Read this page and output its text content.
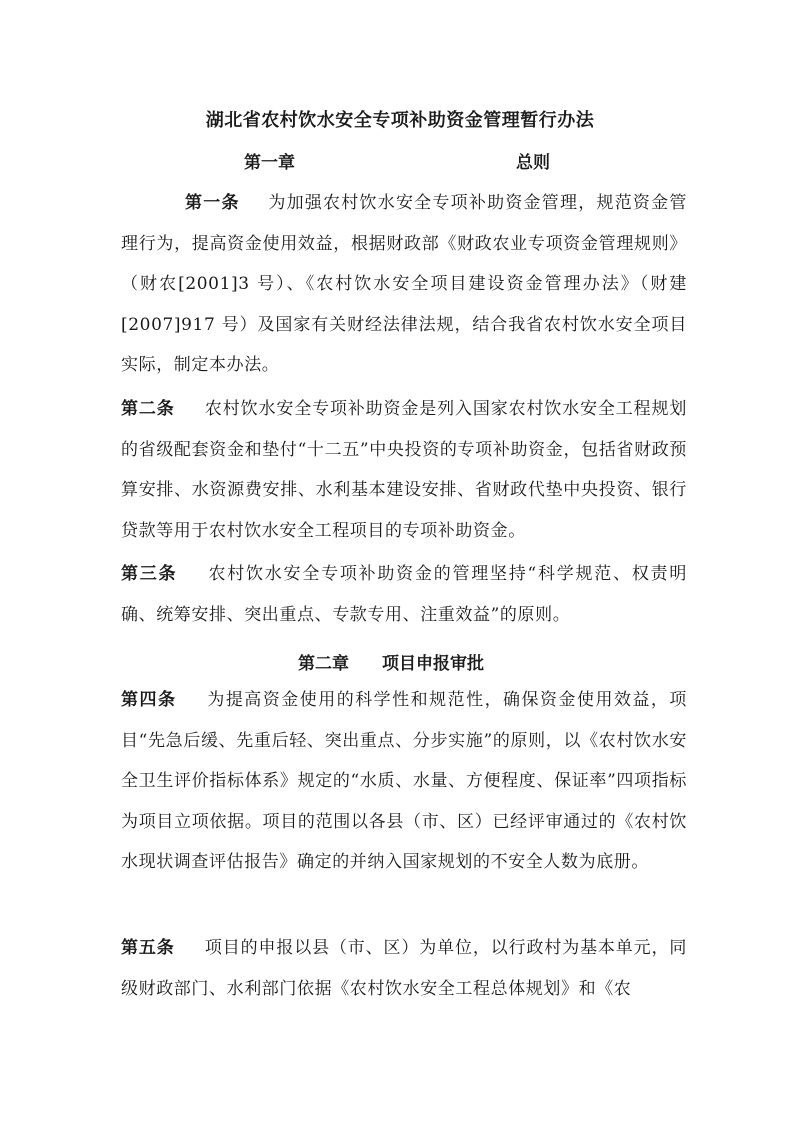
湖北省农村饮水安全专项补助资金管理暂行办法
第一章	总则
第一条 为加强农村饮水安全专项补助资金管理，规范资金管理行为，提高资金使用效益，根据财政部《财政农业专项资金管理规则》（财农[2001]3 号）、《农村饮水安全项目建设资金管理办法》（财建[2007]917 号）及国家有关财经法律法规，结合我省农村饮水安全项目实际，制定本办法。
第二条 农村饮水安全专项补助资金是列入国家农村饮水安全工程规划的省级配套资金和垫付“十二五”中央投资的专项补助资金，包括省财政预算安排、水资源费安排、水利基本建设安排、省财政代垫中央投资、银行贷款等用于农村饮水安全工程项目的专项补助资金。
第三条 农村饮水安全专项补助资金的管理坚持“科学规范、权责明确、统筹安排、突出重点、专款专用、注重效益”的原则。
第二章 项目申报审批
第四条 为提高资金使用的科学性和规范性，确保资金使用效益，项目“先急后缓、先重后轻、突出重点、分步实施”的原则，以《农村饮水安全卫生评价指标体系》规定的“水质、水量、方便程度、保证率”四项指标为项目立项依据。项目的范围以各县（市、区）已经评审通过的《农村饮水现状调查评估报告》确定的并纳入国家规划的不安全人数为底册。
第五条 项目的申报以县（市、区）为单位，以行政村为基本单元，同级财政部门、水利部门依据《农村饮水安全工程总体规划》和《农
